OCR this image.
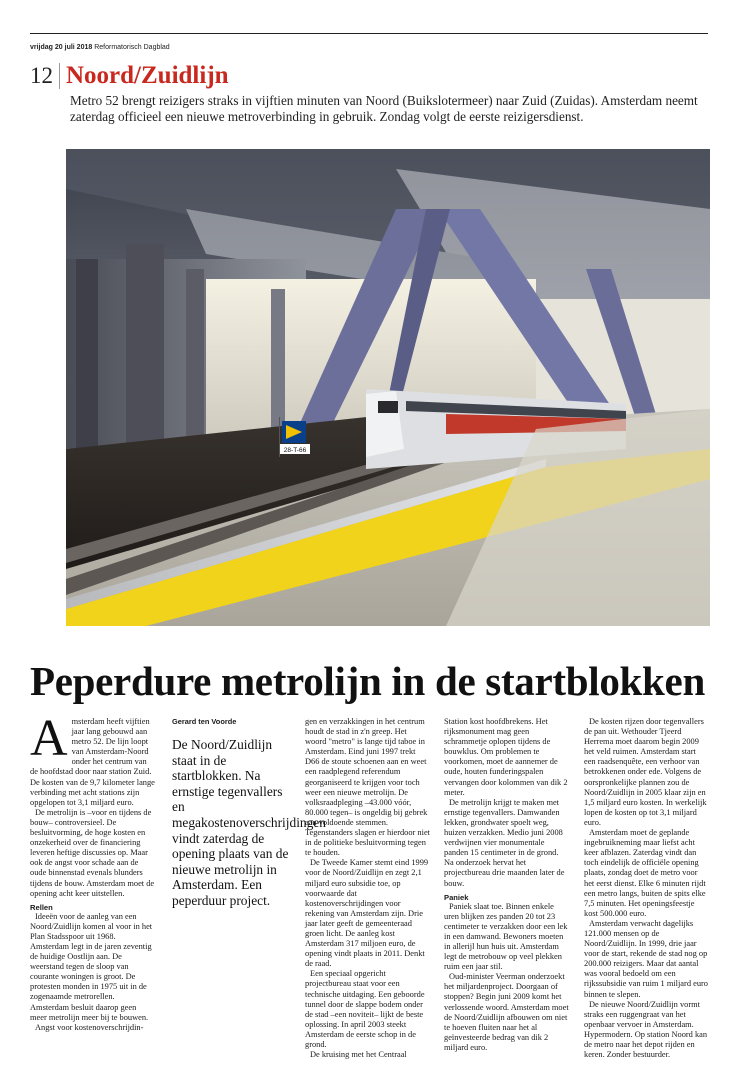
vrijdag 20 juli 2018 Reformatorisch Dagblad
12 Noord/Zuidlijn

Metro 52 brengt reizigers straks in vijftien minuten van Noord (Buikslotermeer) naar Zuid (Zuidas). Amsterdam neemt zaterdag officieel een nieuwe metroverbinding in gebruik. Zondag volgt de eerste reizigersdienst.

28-T-66
Peperdure metrolijn in de startblokken
A msterdam heeft vijftien jaar lang gebouwd aan metro 52. De lijn loopt van Amsterdam-Noord onder het centrum van de hoofdstad door naar station Zuid. De kosten van de 9,7 kilometer lange verbinding met acht stations zijn opgelopen tot 3,1 miljard euro.

De metrolijn is –voor en tijdens de bouw– controversieel. De besluitvorming, de hoge kosten en onzekerheid over de financiering leveren heftige discussies op. Maar ook de angst voor schade aan de oude binnenstad evenals blunders tijdens de bouw. Amsterdam moet de opening acht keer uitstellen.

Rellen

Ideeën voor de aanleg van een Noord/Zuidlijn komen al voor in het Plan Stadsspoor uit 1968. Amsterdam legt in de jaren zeventig de huidige Oostlijn aan. De weerstand tegen de sloop van courante woningen is groot. De protesten monden in 1975 uit in de zogenaamde metrorellen. Amsterdam besluit daarop geen meer metrolijn meer bij te bouwen.

Angst voor kostenoverschrijdin-

Gerard ten Voorde
De Noord/Zuidlijn staat in de startblokken. Na ernstige tegenvallers en megakostenoverschrijdingen vindt zaterdag de opening plaats van de nieuwe metrolijn in Amsterdam. Een peperduur project.

gen en verzakkingen in het centrum houdt de stad in z'n greep. Het woord "metro" is lange tijd taboe in Amsterdam. Eind juni 1997 trekt D66 de stoute schoenen aan en weet een raadplegend referendum georganiseerd te krijgen voor toch weer een nieuwe metrolijn. De volksraadpleging –43.000 vóór, 80.000 tegen– is ongeldig bij gebrek aan voldoende stemmen. Tegenstanders slagen er hierdoor niet in de politieke besluitvorming tegen te houden.

De Tweede Kamer stemt eind 1999 voor de Noord/Zuidlijn en zegt 2,1 miljard euro subsidie toe, op voorwaarde dat kostenoverschrijdingen voor rekening van Amsterdam zijn. Drie jaar later geeft de gemeenteraad groen licht. De aanleg kost Amsterdam 317 miljoen euro, de opening vindt plaats in 2011. Denkt de raad.

Een speciaal opgericht projectbureau staat voor een technische uitdaging. Een geboorde tunnel door de slappe bodem onder de stad –een noviteit– lijkt de beste oplossing. In april 2003 steekt Amsterdam de eerste schop in de grond.

De kruising met het Centraal

Station kost hoofdbrekens. Het rijksmonument mag geen schrammetje oplopen tijdens de bouwklus. Om problemen te voorkomen, moet de aannemer de oude, houten funderingspalen vervangen door kolommen van dik 2 meter.

De metrolijn krijgt te maken met ernstige tegenvallers. Damwanden lekken, grondwater spoelt weg, huizen verzakken. Medio juni 2008 verdwijnen vier monumentale panden 15 centimeter in de grond. Na onderzoek hervat het projectbureau drie maanden later de bouw.

Paniek

Paniek slaat toe. Binnen enkele uren blijken zes panden 20 tot 23 centimeter te verzakken door een lek in een damwand. Bewoners moeten in allerijl hun huis uit. Amsterdam legt de metrobouw op veel plekken ruim een jaar stil.

Oud-minister Veerman onderzoekt het miljardenproject. Doorgaan of stoppen? Begin juni 2009 komt het verlossende woord. Amsterdam moet de Noord/Zuidlijn afbouwen om niet te hoeven fluiten naar het al geïnvesteerde bedrag van dik 2 miljard euro.

De kosten rijzen door tegenvallers de pan uit. Wethouder Tjeerd Herrema moet daarom begin 2009 het veld ruimen. Amsterdam start een raadsenquête, een verhoor van betrokkenen onder ede. Volgens de oorspronkelijke plannen zou de Noord/Zuidlijn in 2005 klaar zijn en 1,5 miljard euro kosten. In werkelijk lopen de kosten op tot 3,1 miljard euro.

Amsterdam moet de geplande ingebruikneming maar liefst acht keer afblazen. Zaterdag vindt dan toch eindelijk de officiële opening plaats, zondag doet de metro voor het eerst dienst. Elke 6 minuten rijdt een metro langs, buiten de spits elke 7,5 minuten. Het openingsfeestje kost 500.000 euro.

Amsterdam verwacht dagelijks 121.000 mensen op de Noord/Zuidlijn. In 1999, drie jaar voor de start, rekende de stad nog op 200.000 reizigers. Maar dat aantal was vooral bedoeld om een rijkssubsidie van ruim 1 miljard euro binnen te slepen.

De nieuwe Noord/Zuidlijn vormt straks een ruggengraat van het openbaar vervoer in Amsterdam. Hypermodern. Op station Noord kan de metro naar het depot rijden en keren. Zonder bestuurder.
